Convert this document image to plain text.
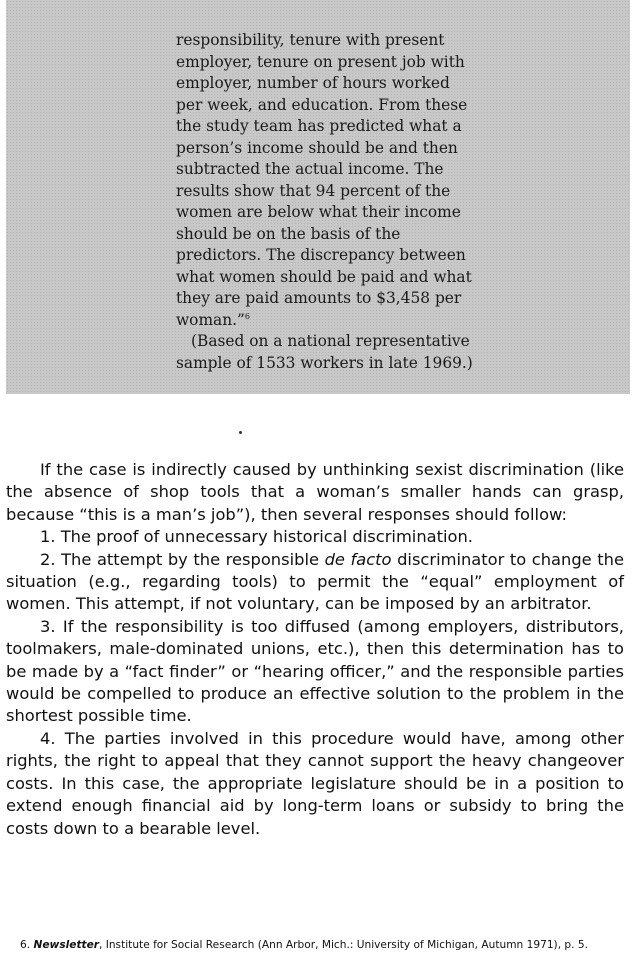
responsibility, tenure with present employer, tenure on present job with employer, number of hours worked per week, and education. From these the study team has predicted what a person’s income should be and then subtracted the actual income. The results show that 94 percent of the women are below what their income should be on the basis of the predictors. The discrepancy between what women should be paid and what they are paid amounts to $3,458 per woman.”$^6$
(Based on a national representative sample of 1533 workers in late 1969.)

If the case is indirectly caused by unthinking sexist discrimination (like the absence of shop tools that a woman’s smaller hands can grasp, because “this is a man’s job”), then several responses should follow:

1. The proof of unnecessary historical discrimination.

2. The attempt by the responsible de facto discriminator to change the situation (e.g., regarding tools) to permit the “equal” employment of women. This attempt, if not voluntary, can be imposed by an arbitrator.

3. If the responsibility is too diffused (among employers, distributors, toolmakers, male-dominated unions, etc.), then this determination has to be made by a “fact finder” or “hearing officer,” and the responsible parties would be compelled to produce an effective solution to the problem in the shortest possible time.

4. The parties involved in this procedure would have, among other rights, the right to appeal that they cannot support the heavy changeover costs. In this case, the appropriate legislature should be in a position to extend enough financial aid by long-term loans or subsidy to bring the costs down to a bearable level.

6. Newsletter, Institute for Social Research (Ann Arbor, Mich.: University of Michigan, Autumn 1971), p. 5.
